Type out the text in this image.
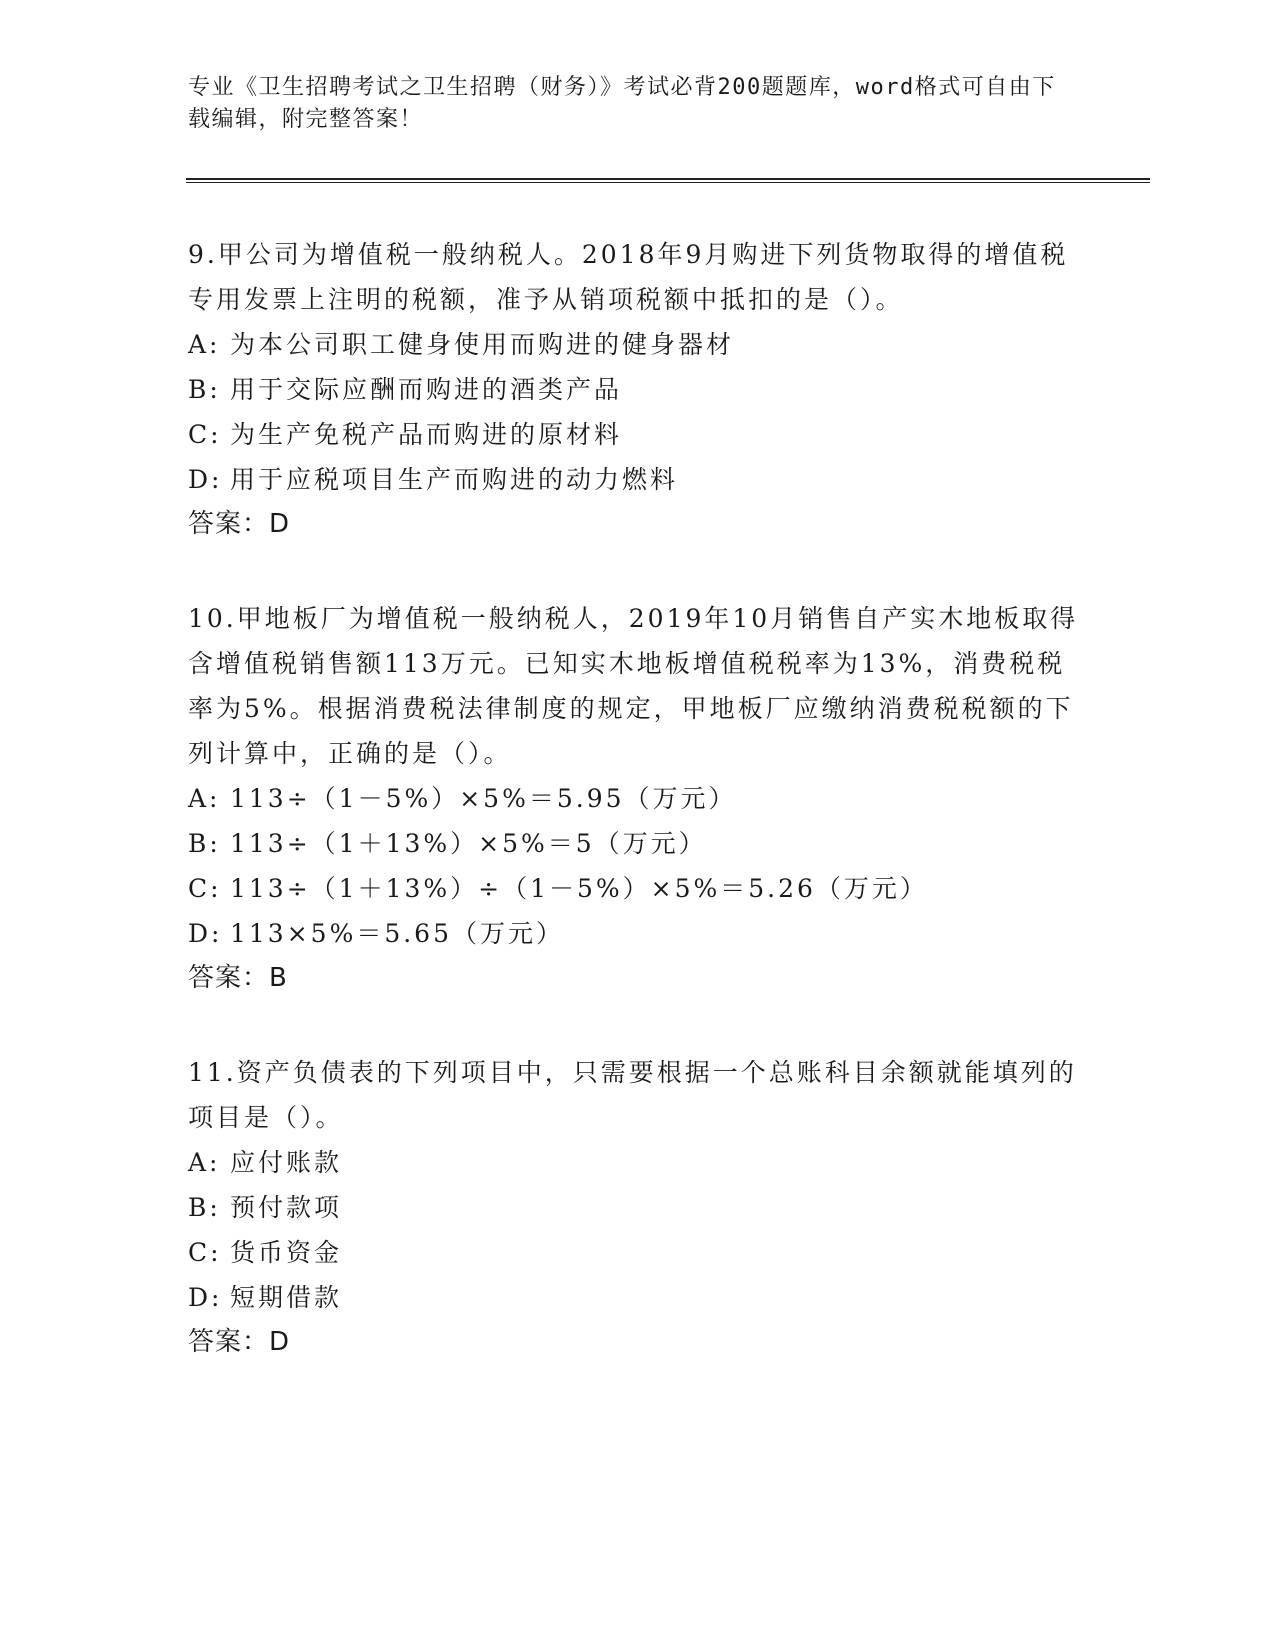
专业《卫生招聘考试之卫生招聘（财务）》考试必背200题题库，word格式可自由下载编辑，附完整答案！

9.甲公司为增值税一般纳税人。2018年9月购进下列货物取得的增值税专用发票上注明的税额，准予从销项税额中抵扣的是（）。

A: 为本公司职工健身使用而购进的健身器材

B: 用于交际应酬而购进的酒类产品

C: 为生产免税产品而购进的原材料

D: 用于应税项目生产而购进的动力燃料

答案：D

10.甲地板厂为增值税一般纳税人，2019年10月销售自产实木地板取得含增值税销售额113万元。已知实木地板增值税税率为13%，消费税税率为5%。根据消费税法律制度的规定，甲地板厂应缴纳消费税税额的下列计算中，正确的是（）。

A: 113÷（1－5%）×5%＝5.95（万元）

B: 113÷（1＋13%）×5%＝5（万元）

C: 113÷（1＋13%）÷（1－5%）×5%＝5.26（万元）

D: 113×5%＝5.65（万元）

答案：B

11.资产负债表的下列项目中，只需要根据一个总账科目余额就能填列的项目是（）。

A: 应付账款

B: 预付款项

C: 货币资金

D: 短期借款

答案：D
